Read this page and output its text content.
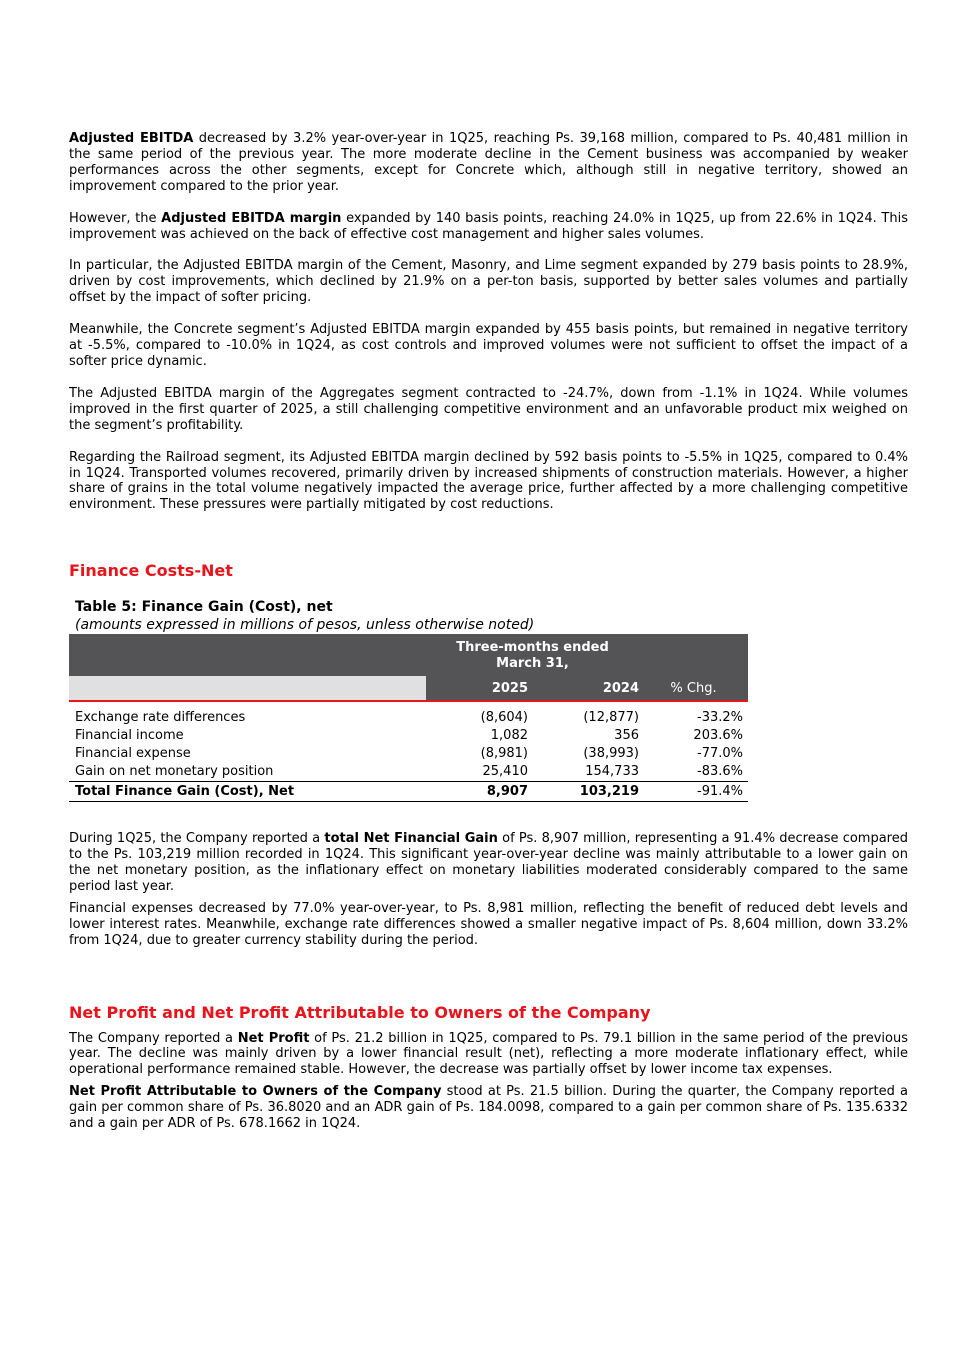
Adjusted EBITDA decreased by 3.2% year-over-year in 1Q25, reaching Ps. 39,168 million, compared to Ps. 40,481 million in the same period of the previous year. The more moderate decline in the Cement business was accompanied by weaker performances across the other segments, except for Concrete which, although still in negative territory, showed an improvement compared to the prior year.

However, the Adjusted EBITDA margin expanded by 140 basis points, reaching 24.0% in 1Q25, up from 22.6% in 1Q24. This improvement was achieved on the back of effective cost management and higher sales volumes.

In particular, the Adjusted EBITDA margin of the Cement, Masonry, and Lime segment expanded by 279 basis points to 28.9%, driven by cost improvements, which declined by 21.9% on a per-ton basis, supported by better sales volumes and partially offset by the impact of softer pricing.

Meanwhile, the Concrete segment’s Adjusted EBITDA margin expanded by 455 basis points, but remained in negative territory at -5.5%, compared to -10.0% in 1Q24, as cost controls and improved volumes were not sufficient to offset the impact of a softer price dynamic.

The Adjusted EBITDA margin of the Aggregates segment contracted to -24.7%, down from -1.1% in 1Q24. While volumes improved in the first quarter of 2025, a still challenging competitive environment and an unfavorable product mix weighed on the segment’s profitability.

Regarding the Railroad segment, its Adjusted EBITDA margin declined by 592 basis points to -5.5% in 1Q25, compared to 0.4% in 1Q24. Transported volumes recovered, primarily driven by increased shipments of construction materials. However, a higher share of grains in the total volume negatively impacted the average price, further affected by a more challenging competitive environment. These pressures were partially mitigated by cost reductions.

Finance Costs-Net
Table 5: Finance Gain (Cost), net
(amounts expressed in millions of pesos, unless otherwise noted)

	Three-months ended
March 31,		

	2025	2024	% Chg.

Exchange rate differences	(8,604)	(12,877)	-33.2%
Financial income	1,082	356	203.6%
Financial expense	(8,981)	(38,993)	-77.0%
Gain on net monetary position	25,410	154,733	-83.6%
Total Finance Gain (Cost), Net	8,907	103,219	-91.4%

During 1Q25, the Company reported a total Net Financial Gain of Ps. 8,907 million, representing a 91.4% decrease compared to the Ps. 103,219 million recorded in 1Q24. This significant year-over-year decline was mainly attributable to a lower gain on the net monetary position, as the inflationary effect on monetary liabilities moderated considerably compared to the same period last year.

Financial expenses decreased by 77.0% year-over-year, to Ps. 8,981 million, reflecting the benefit of reduced debt levels and lower interest rates. Meanwhile, exchange rate differences showed a smaller negative impact of Ps. 8,604 million, down 33.2% from 1Q24, due to greater currency stability during the period.

Net Profit and Net Profit Attributable to Owners of the Company

The Company reported a Net Profit of Ps. 21.2 billion in 1Q25, compared to Ps. 79.1 billion in the same period of the previous year. The decline was mainly driven by a lower financial result (net), reflecting a more moderate inflationary effect, while operational performance remained stable. However, the decrease was partially offset by lower income tax expenses.

Net Profit Attributable to Owners of the Company stood at Ps. 21.5 billion. During the quarter, the Company reported a gain per common share of Ps. 36.8020 and an ADR gain of Ps. 184.0098, compared to a gain per common share of Ps. 135.6332 and a gain per ADR of Ps. 678.1662 in 1Q24.
